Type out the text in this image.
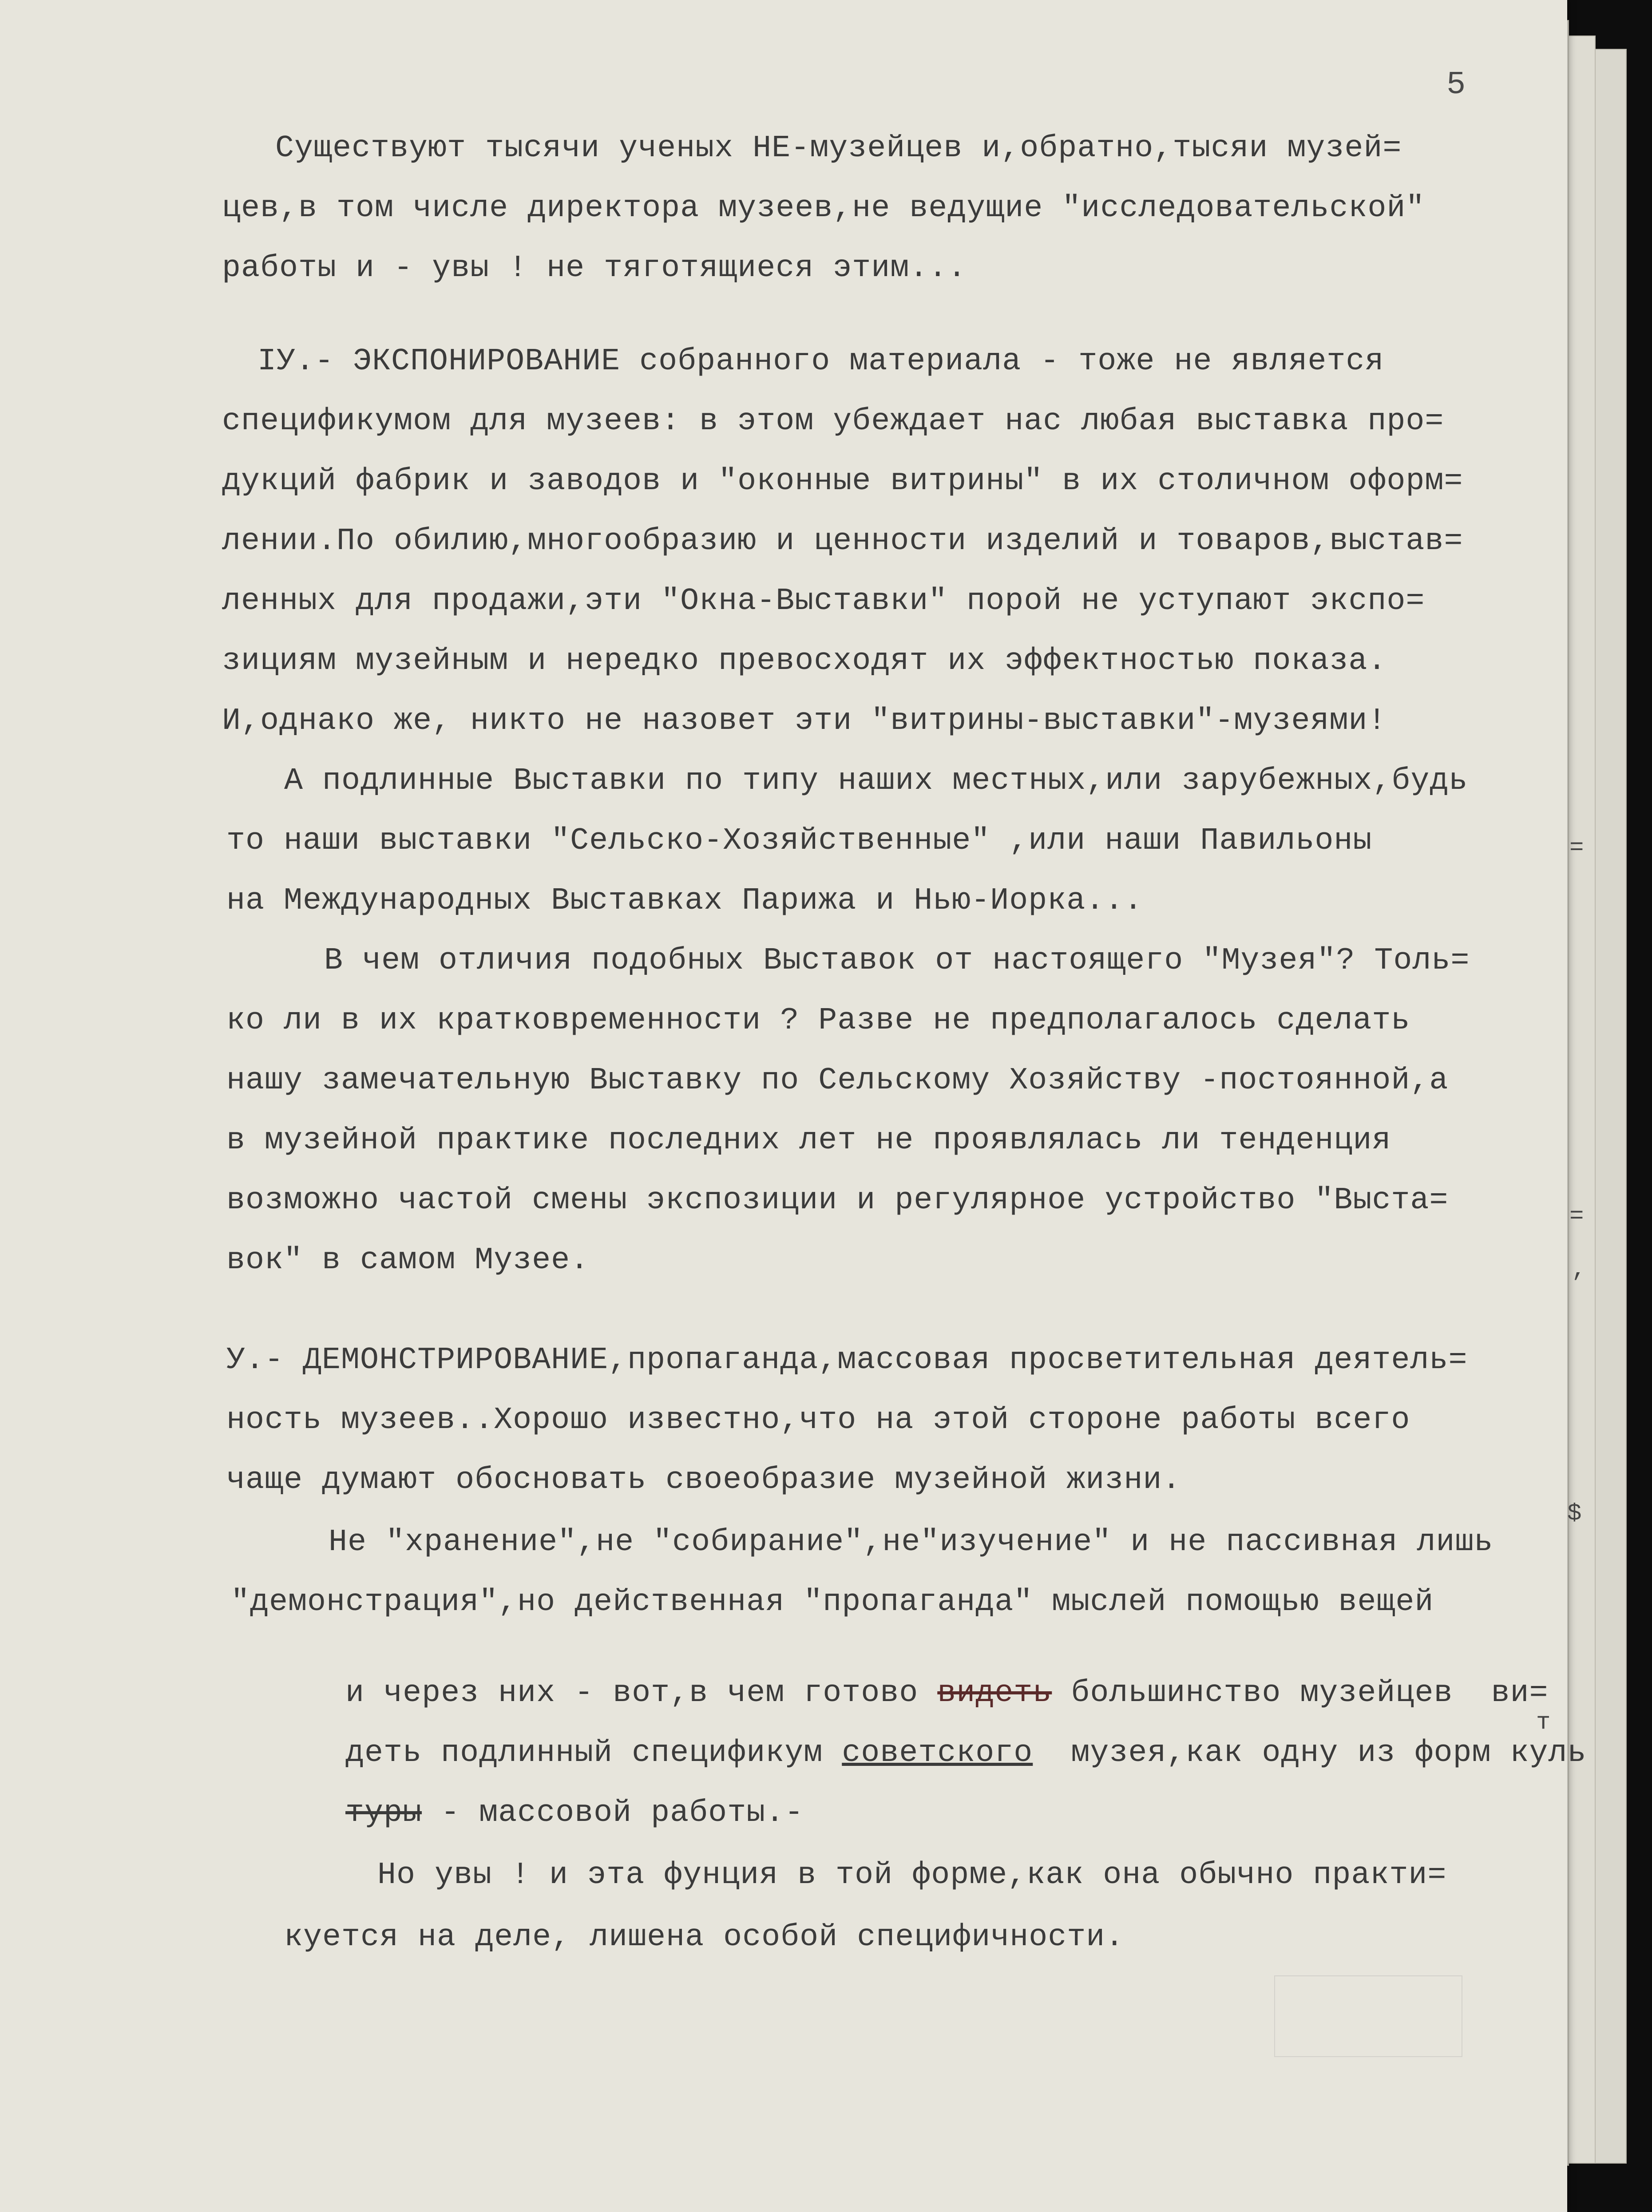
5
Существуют тысячи ученых НЕ-музейцев и,обратно,тысяи музей=
цев,в том числе директора музеев,не ведущие "исследовательской"
работы и - увы ! не тяготящиеся этим...
IУ.- ЭКСПОНИРОВАНИЕ собранного материала - тоже не является
спецификумом для музеев: в этом убеждает нас любая выставка про=
дукций фабрик и заводов и "оконные витрины" в их столичном оформ=
лении.По обилию,многообразию и ценности изделий и товаров,выстав=
ленных для продажи,эти "Окна-Выставки" порой не уступают экспо=
зициям музейным и нередко превосходят их эффектностью показа.
И,однако же, никто не назовет эти "витрины-выставки"-музеями!
А подлинные Выставки по типу наших местных,или зарубежных,будь
то наши выставки "Сельско-Хозяйственные" ,или наши Павильоны
на Международных Выставках Парижа и Нью-Иорка...
В чем отличия подобных Выставок от настоящего "Музея"? Толь=
ко ли в их кратковременности ? Разве не предполагалось сделать
нашу замечательную Выставку по Сельскому Хозяйству -постоянной,а
в музейной практике последних лет не проявлялась ли тенденция
возможно частой смены экспозиции и регулярное устройство "Выста=
вок" в самом Музее.
У.- ДЕМОНСТРИРОВАНИЕ,пропаганда,массовая просветительная деятель=
ность музеев..Хорошо известно,что на этой стороне работы всего
чаще думают обосновать своеобразие музейной жизни.
Не "хранение",не "собирание",не"изучение" и не пассивная лишь
"демонстрация",но действенная "пропаганда" мыслей помощью вещей

и через них - вот,в чем готово видеть большинство музейцев  ви=

деть подлинный спецификум советского  музея,как одну из форм куль

туры - массовой работы.-

Но увы ! и эта фунция в той форме,как она обычно практи=
куется на деле, лишена особой специфичности.
=
=
,
$
т
